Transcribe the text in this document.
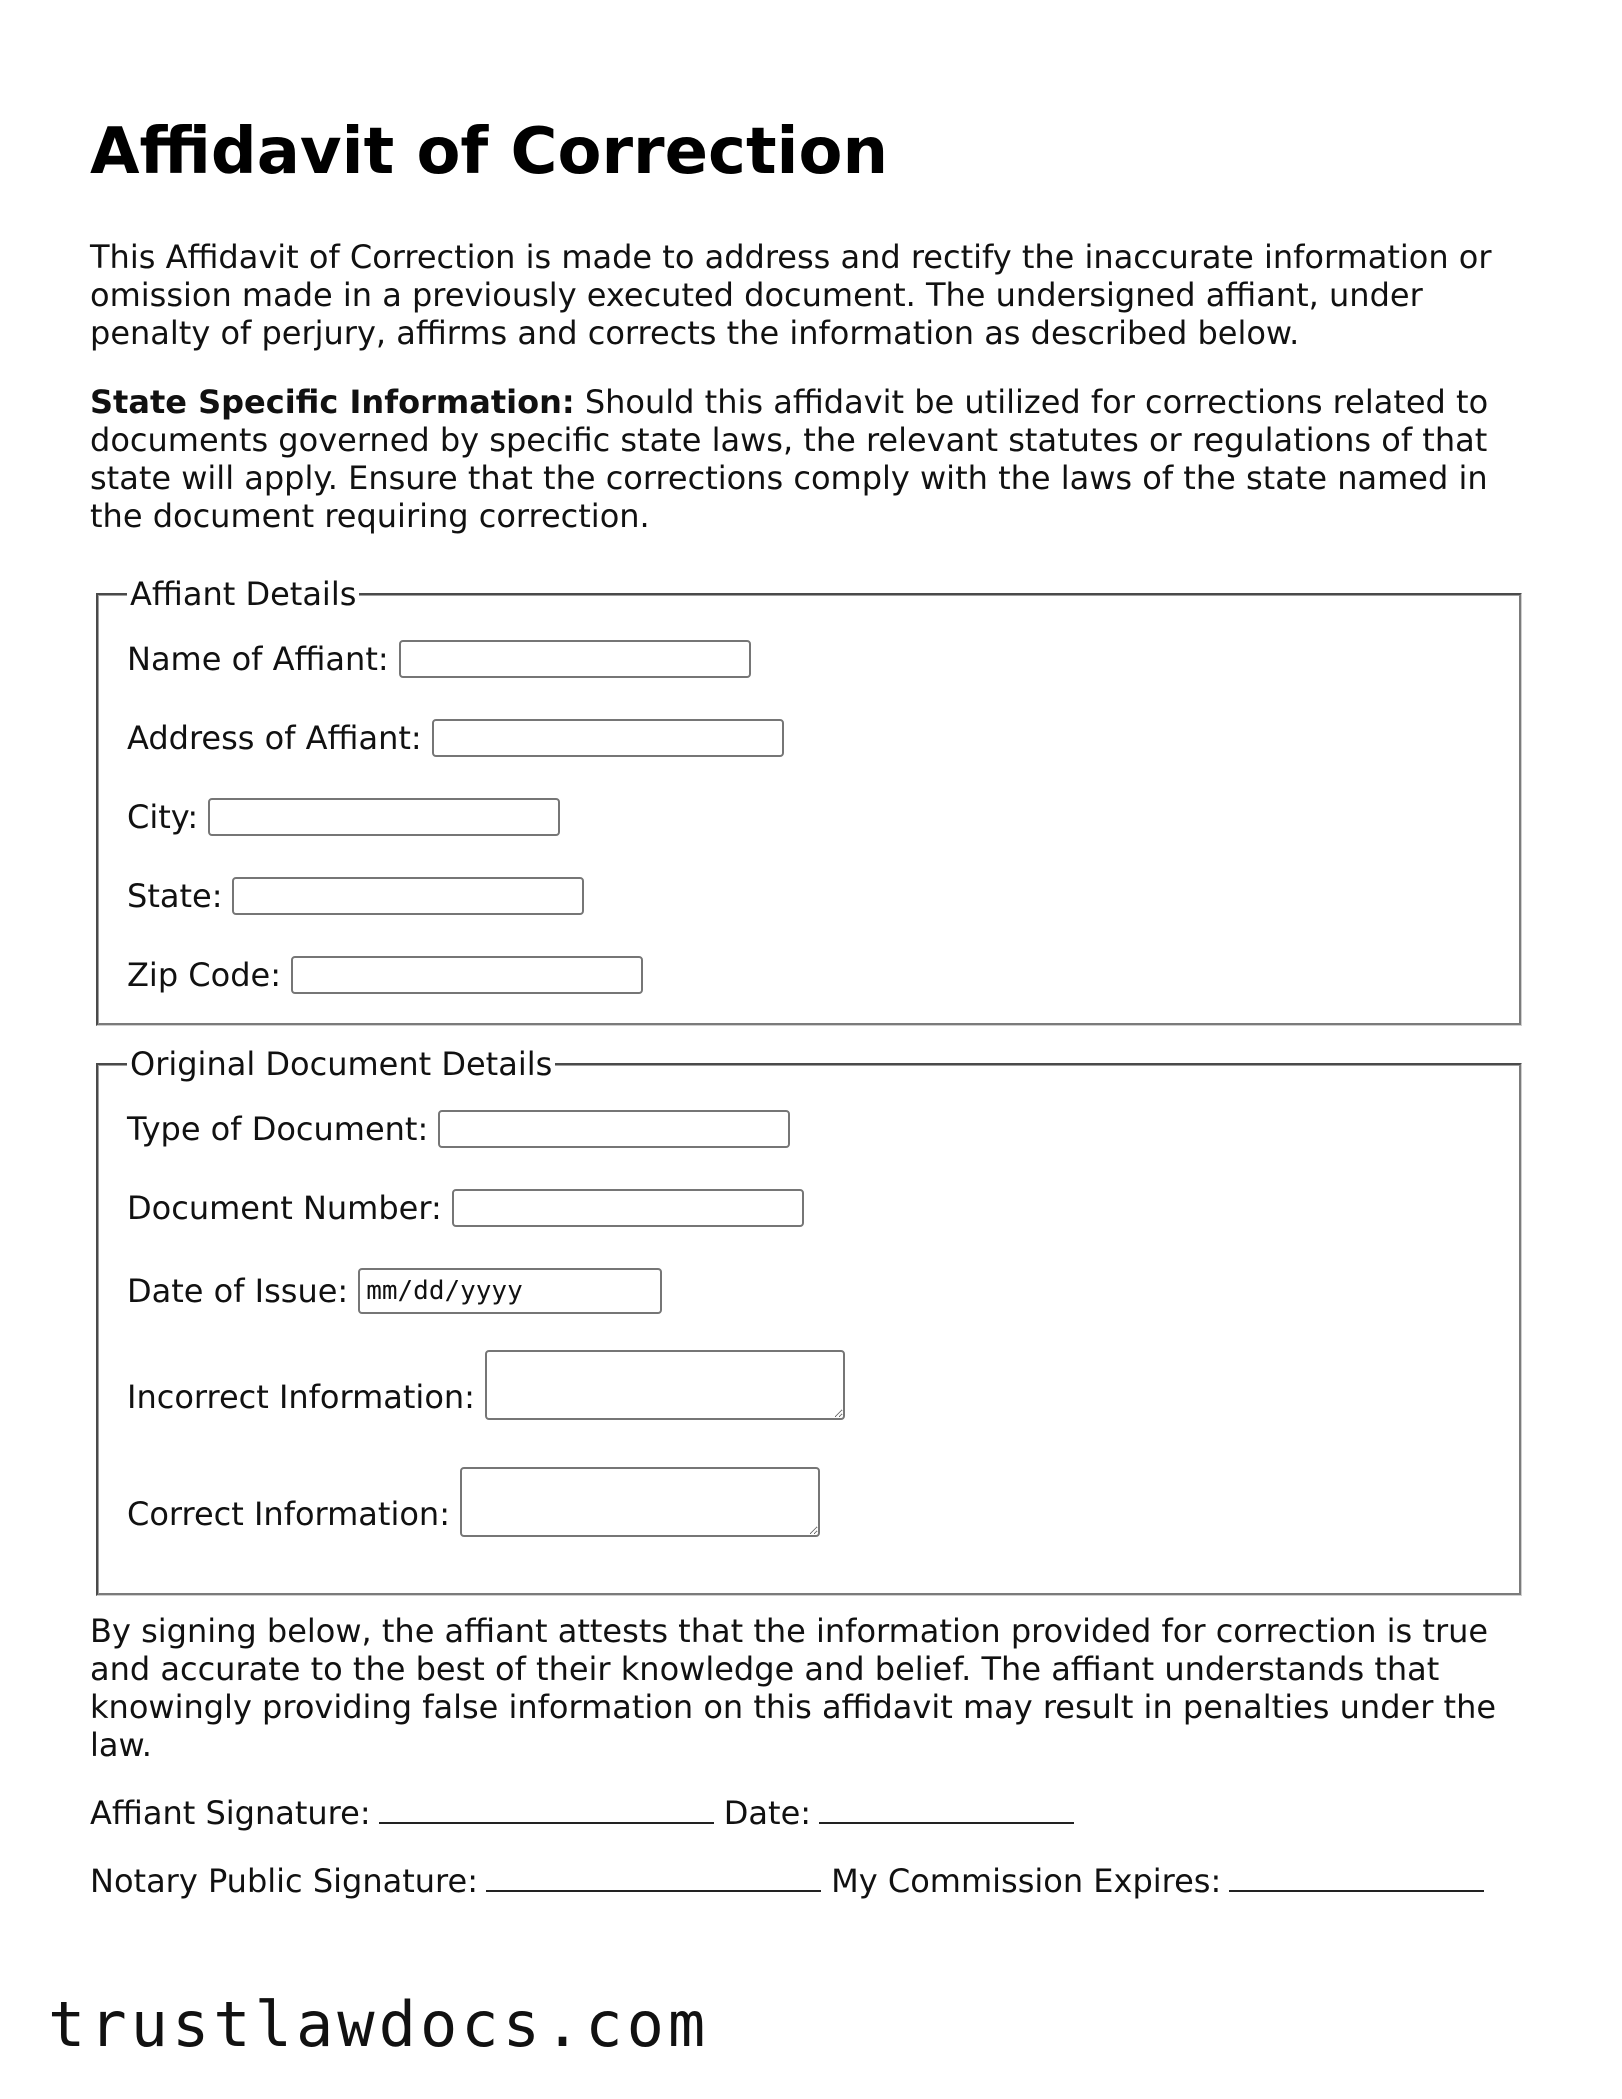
Affidavit of Correction

This Affidavit of Correction is made to address and rectify the inaccurate information or omission made in a previously executed document. The undersigned affiant, under penalty of perjury, affirms and corrects the information as described below.

State Specific Information: Should this affidavit be utilized for corrections related to documents governed by specific state laws, the relevant statutes or regulations of that state will apply. Ensure that the corrections comply with the laws of the state named in the document requiring correction.

Affiant Details
Name of Affiant:
Address of Affiant:
City:
State:
Zip Code:
Original Document Details
Type of Document:
Document Number:
Date of Issue:
mm/dd/yyyy
Incorrect Information:
Correct Information:

By signing below, the affiant attests that the information provided for correction is true and accurate to the best of their knowledge and belief. The affiant understands that knowingly providing false information on this affidavit may result in penalties under the law.

Affiant Signature:	Date:
Notary Public Signature:	My Commission Expires:
trustlawdocs.com
